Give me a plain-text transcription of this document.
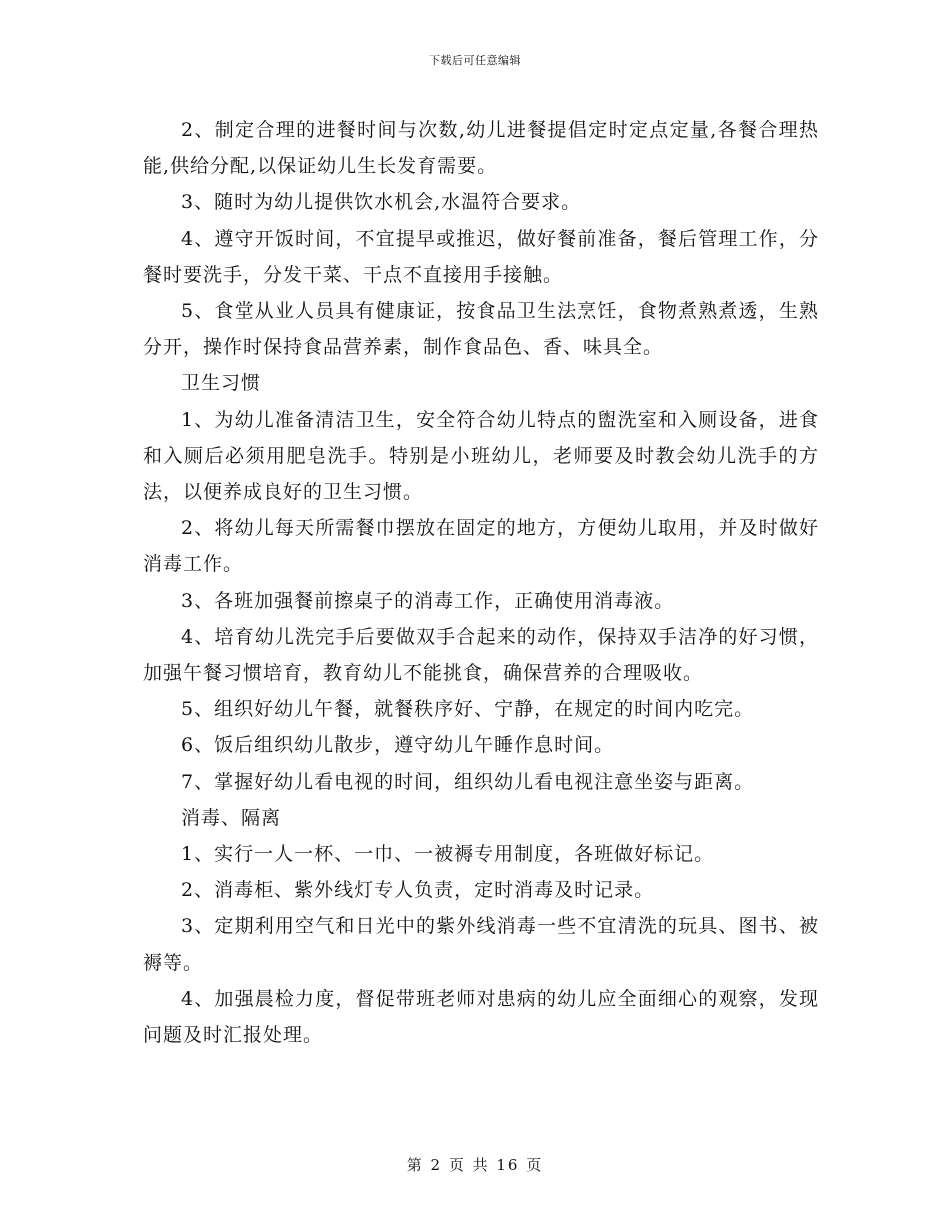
下载后可任意编辑

2、制定合理的进餐时间与次数,幼儿进餐提倡定时定点定量,各餐合理热能,供给分配,以保证幼儿生长发育需要。

3、随时为幼儿提供饮水机会,水温符合要求。

4、遵守开饭时间，不宜提早或推迟，做好餐前准备，餐后管理工作，分餐时要洗手，分发干菜、干点不直接用手接触。

5、食堂从业人员具有健康证，按食品卫生法烹饪，食物煮熟煮透，生熟分开，操作时保持食品营养素，制作食品色、香、味具全。

卫生习惯

1、为幼儿准备清洁卫生，安全符合幼儿特点的盥洗室和入厕设备，进食和入厕后必须用肥皂洗手。特别是小班幼儿，老师要及时教会幼儿洗手的方法，以便养成良好的卫生习惯。

2、将幼儿每天所需餐巾摆放在固定的地方，方便幼儿取用，并及时做好消毒工作。

3、各班加强餐前擦桌子的消毒工作，正确使用消毒液。

4、培育幼儿洗完手后要做双手合起来的动作，保持双手洁净的好习惯，加强午餐习惯培育，教育幼儿不能挑食，确保营养的合理吸收。

5、组织好幼儿午餐，就餐秩序好、宁静，在规定的时间内吃完。

6、饭后组织幼儿散步，遵守幼儿午睡作息时间。

7、掌握好幼儿看电视的时间，组织幼儿看电视注意坐姿与距离。

消毒、隔离

1、实行一人一杯、一巾、一被褥专用制度，各班做好标记。

2、消毒柜、紫外线灯专人负责，定时消毒及时记录。

3、定期利用空气和日光中的紫外线消毒一些不宜清洗的玩具、图书、被褥等。

4、加强晨检力度，督促带班老师对患病的幼儿应全面细心的观察，发现问题及时汇报处理。

第 2 页 共 16 页
